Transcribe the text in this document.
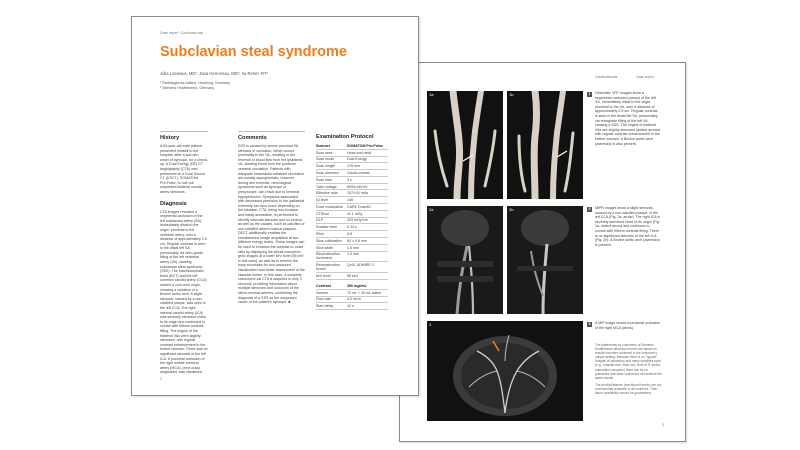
Cardiovascular	Case report
1a	1b
2a	2b
3
1	Cinematic VRT images show a segmental occlusion (arrow) of the left SA, immediately distal to the origin, proximal to the VA, over a distance of approximately 2.5 cm. Regular contrast is seen in the distal left SA, presumably via retrograde filling of the left VA, causing a SSS. The origins of bilateral VAs are slightly stenosed (dotted arrows) with regular contrast enhancement in the further courses. A Bovine aortic arch (asterisks) is also present.
2	MIPR images show a slight stenosis, caused by a non-calcified plaque, in the left CCA (Fig. 2a, arrow). The right ICA is severely stenosed close to its origin (Fig. 2a, dotted arrow) and continues to course with filiform contrast filling. There is no significant stenosis of the left ICA (Fig. 2b). A Bovine aortic arch (asterisks) is present.
3	A MIP image shows a proximal occlusion of the right MCA (arrow).
The statements by customers of Siemens Healthineers described herein are based on results that were achieved in the customer's unique setting. Because there is no "typical" hospital or laboratory and many variables exist (e.g., hospital size, case mix, level of IT and/or automation adoption) there can be no guarantee that other customers will achieve the same results.
The product/feature (mentioned herein) are not commercially available in all countries. Their future availability cannot be guaranteed.
3
Case report · Cardiovascular
Subclavian steal syndrome
Julia Loewaus, MD¹; Jana Hermenau, MD¹; Ira Reher, RT²
¹ Radiologische Allianz, Hamburg, Germany
² Siemens Healthineers, Germany
History

A 63-year-old male patient presented himself to the hospital, after a sud-den onset of syncope, for a check-up. A Dual Energy (DE) CT angiography (CTA) was performed on a Dual Source CT (DSCT), SOMATOM Pro.Pulse, to rule out suspected bilateral carotid artery stenoses.

Diagnosis

CTA images revealed a segmental occlusion of the left subclavian artery (SA), immediately distal to the origin, proximal to the vertebral artery, over a distance of approximately 2.5 cm. Regular contrast is seen in the distal left SA, presumably via retro-grade filling of the left vertebral artery (VA), causing subclavian steal syndrome (SSS). The brachiocephalic trunk (BCT) and the left common carotid artery (CCA) shared a com-mon origin, showing a variation of a Bovine aortic arch. A slight stenosis, caused by a non-calcified plaque, was seen in the left CCA. The right internal carotid artery (ICA) was severely stenosed close to its origin and continued to course with filiform contrast filling. The origins of the bilateral VAs were slightly stenosed, with regular contrast enhancement in the further courses. There was no significant stenosis of the left ICA. A proximal occlusion of the right middle cerebral artery (MCA), previ-ously diagnosed, was visualized.

Comments

SSS is caused by severe proximal SA stenosis or occlusion, which occurs proximally to the VA, resulting in the reversal of blood flow from the ipsilateral VA, stealing blood from the posterior cerebral circulation. Patients with adequate intracranial collateral circulation are usually asymptomatic, however, during arm exercise, neurological symptoms such as syncope or presyncope, can result due to cerebral hypoperfusion. Symptoms associated with decreased perfusion to the ipsilateral extremity can also occur depending on the situation. CTA, being non-invasive and easily accessible, is performed to identify vascular stenosis and oc-clusion, as well as the causes, such as calcified or non-calcified athero-matous plaques. DECT additionally enables the simultaneous image acquisition at two different energy levels. These images can be used to enhance the contrast-to-noise ratio by displaying the virtual monoener-getic images at a lower keV level (55 keV in this case), as well as to remove the bony structures for non-obscured visualization and better assessment of the vascular lumen. In this case, a complete craniocervi-cal CTA is acquired in only 3 seconds, providing information about multiple stenoses and occlusion of the steno-cervical arteries, confirming the diagnosis of a SSS as the suspected cause of the patient's syncope. ■

Examination Protocol
Scanner	SOMATOM Pro.Pulse
Scan area	Head and neck
Scan mode	Dual Energy
Scan length	276 mm
Scan direction	Caudo-cranial
Scan time	3 s
Tube voltage	80/Sn140 kV
Effective mAs	157/141 mAs
IQ level	145
Dose modulation	CARE Dose4D
CTDIvol	11.1 mGy
DLP	343 mGy*cm
Rotation time	0.33 s
Pitch	0.8
Slice collimation	64 × 0.6 mm
Slice width	1.5 mm
Reconstruction increment	1.0 mm
Reconstruction kernel	Qr40, ADMIRE 3
keV level	55 keV
Contrast	350 mgI/mL
Volume	70 mL + 40 mL saline
Flow rate	4.0 mL/s
Start delay	10 s
2
